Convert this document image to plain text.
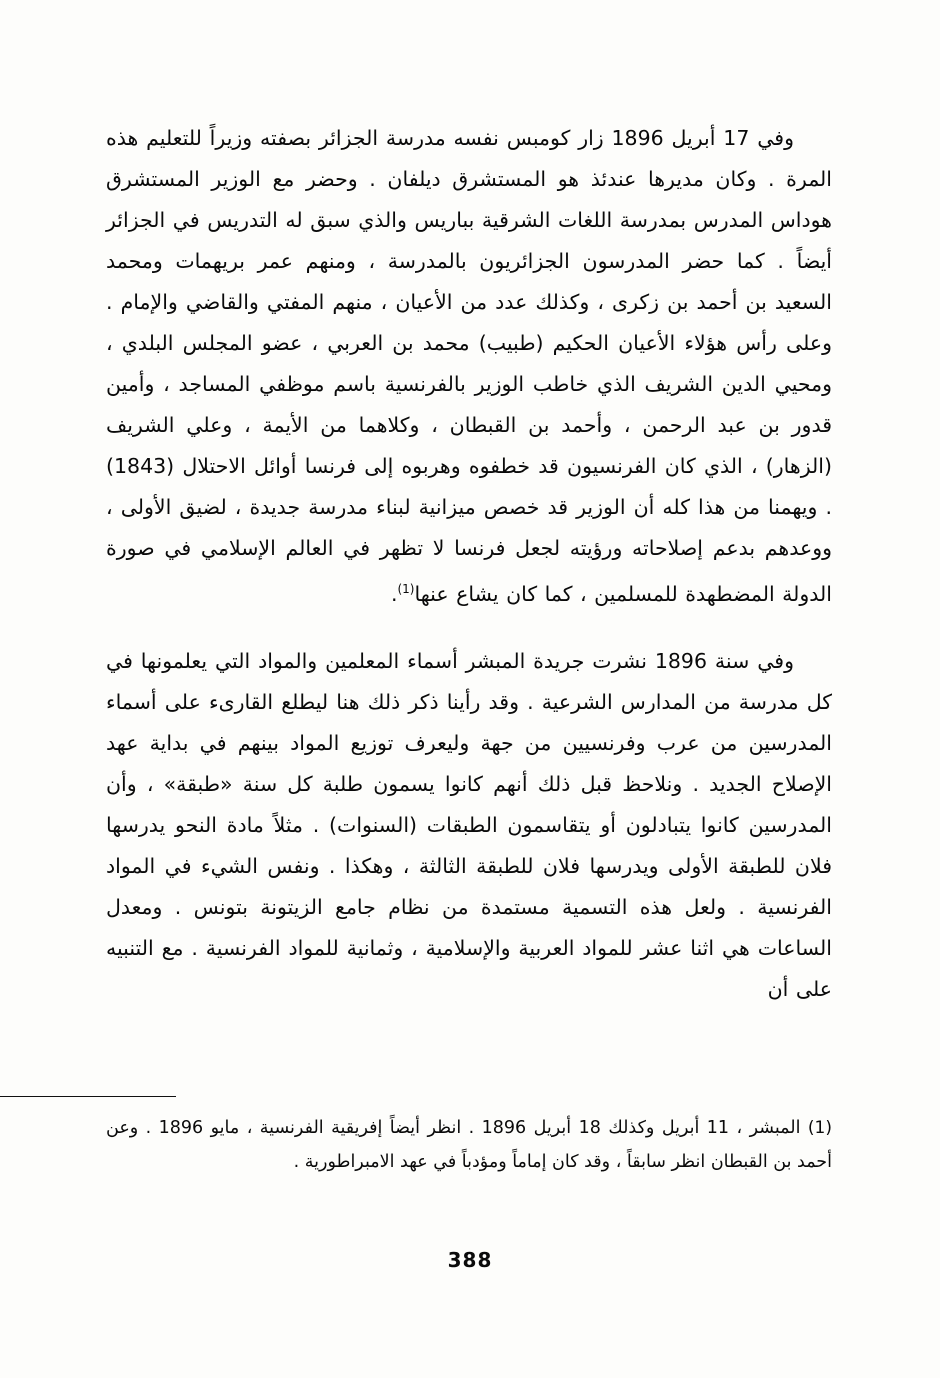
وفي 17 أبريل 1896 زار كومبس نفسه مدرسة الجزائر بصفته وزيراً للتعليم هذه المرة . وكان مديرها عندئذ هو المستشرق ديلفان . وحضر مع الوزير المستشرق هوداس المدرس بمدرسة اللغات الشرقية بباريس والذي سبق له التدريس في الجزائر أيضاً . كما حضر المدرسون الجزائريون بالمدرسة ، ومنهم عمر بريهمات ومحمد السعيد بن أحمد بن زكرى ، وكذلك عدد من الأعيان ، منهم المفتي والقاضي والإمام . وعلى رأس هؤلاء الأعيان الحكيم (طبيب) محمد بن العربي ، عضو المجلس البلدي ، ومحيي الدين الشريف الذي خاطب الوزير بالفرنسية باسم موظفي المساجد ، وأمين قدور بن عبد الرحمن ، وأحمد بن القبطان ، وكلاهما من الأيمة ، وعلي الشريف (الزهار) ، الذي كان الفرنسيون قد خطفوه وهربوه إلى فرنسا أوائل الاحتلال (1843) . ويهمنا من هذا كله أن الوزير قد خصص ميزانية لبناء مدرسة جديدة ، لضيق الأولى ، ووعدهم بدعم إصلاحاته ورؤيته لجعل فرنسا لا تظهر في العالم الإسلامي في صورة الدولة المضطهدة للمسلمين ، كما كان يشاع عنها$^{(1)}$.

وفي سنة 1896 نشرت جريدة المبشر أسماء المعلمين والمواد التي يعلمونها في كل مدرسة من المدارس الشرعية . وقد رأينا ذكر ذلك هنا ليطلع القارىء على أسماء المدرسين من عرب وفرنسيين من جهة وليعرف توزيع المواد بينهم في بداية عهد الإصلاح الجديد . ونلاحظ قبل ذلك أنهم كانوا يسمون طلبة كل سنة «طبقة» ، وأن المدرسين كانوا يتبادلون أو يتقاسمون الطبقات (السنوات) . مثلاً مادة النحو يدرسها فلان للطبقة الأولى ويدرسها فلان للطبقة الثالثة ، وهكذا . ونفس الشيء في المواد الفرنسية . ولعل هذه التسمية مستمدة من نظام جامع الزيتونة بتونس . ومعدل الساعات هي اثنا عشر للمواد العربية والإسلامية ، وثمانية للمواد الفرنسية . مع التنبيه على أن

(1) المبشر ، 11 أبريل وكذلك 18 أبريل 1896 . انظر أيضاً إفريقية الفرنسية ، مايو 1896 . وعن أحمد بن القبطان انظر سابقاً ، وقد كان إماماً ومؤدباً في عهد الامبراطورية .

388
